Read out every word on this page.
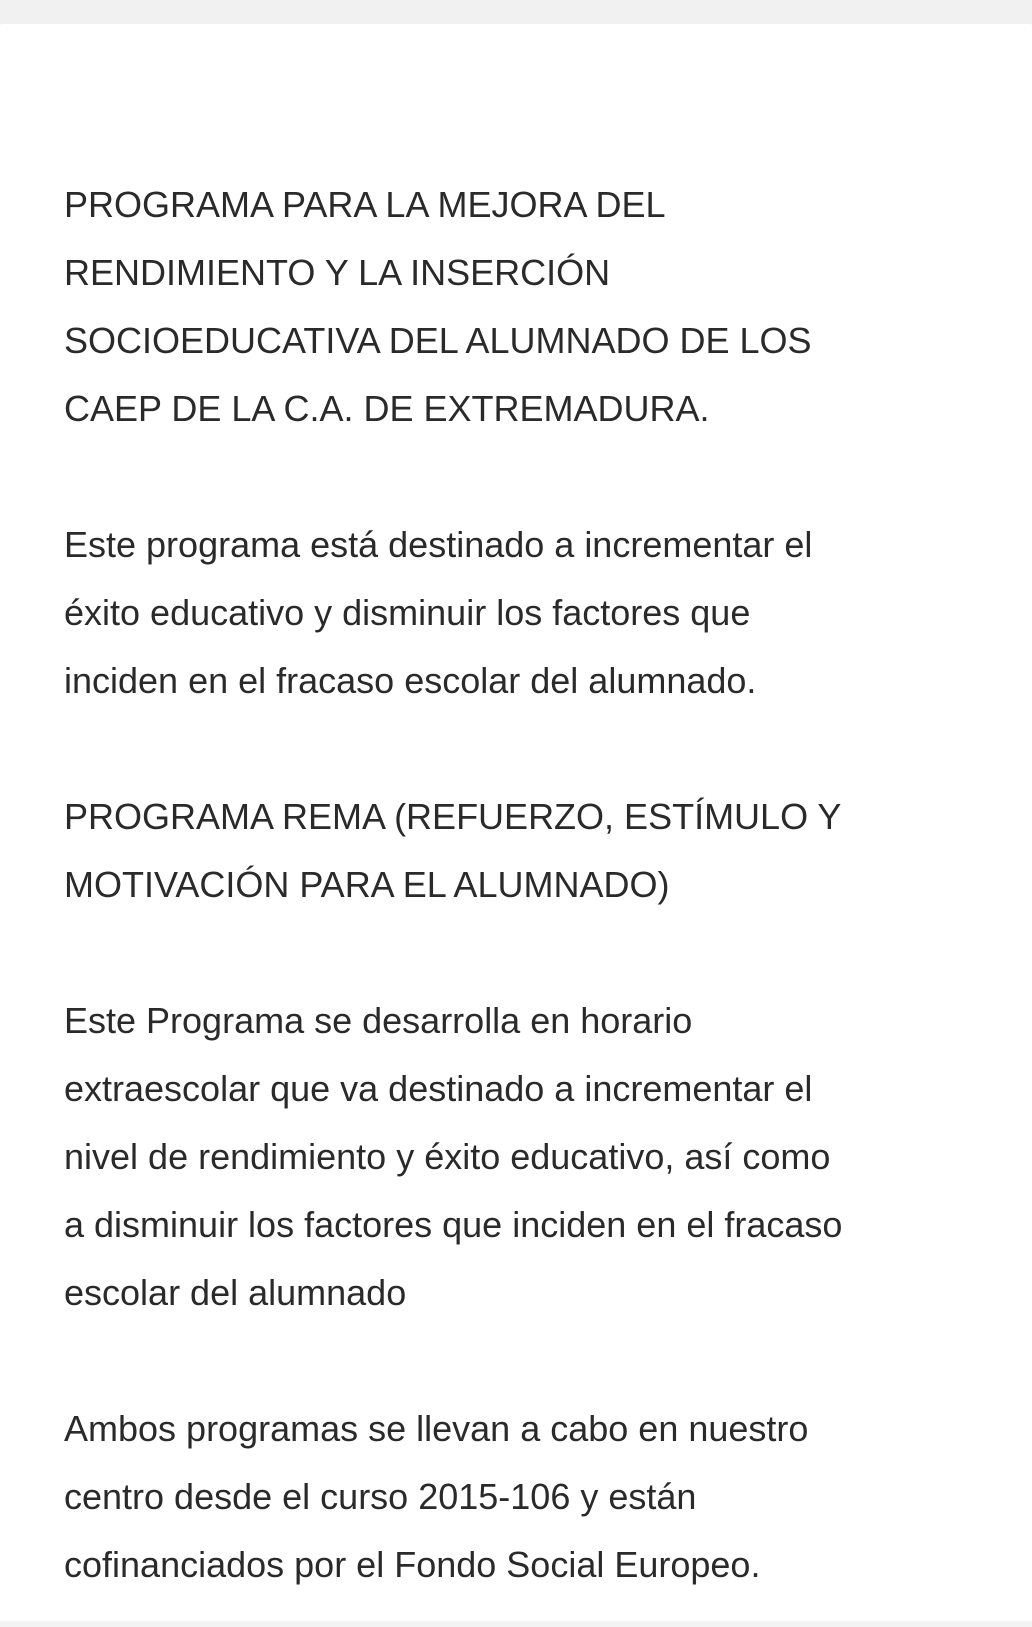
PROGRAMA PARA LA MEJORA DEL
RENDIMIENTO Y LA INSERCIÓN
SOCIOEDUCATIVA DEL ALUMNADO DE LOS
CAEP DE LA C.A. DE EXTREMADURA.

Este programa está destinado a incrementar el
éxito educativo y disminuir los factores que
inciden en el fracaso escolar del alumnado.

PROGRAMA REMA (REFUERZO, ESTÍMULO Y
MOTIVACIÓN PARA EL ALUMNADO)

Este Programa se desarrolla en horario
extraescolar que va destinado a incrementar el
nivel de rendimiento y éxito educativo, así como
a disminuir los factores que inciden en el fracaso
escolar del alumnado

Ambos programas se llevan a cabo en nuestro
centro desde el curso 2015-106 y están
cofinanciados por el Fondo Social Europeo.
